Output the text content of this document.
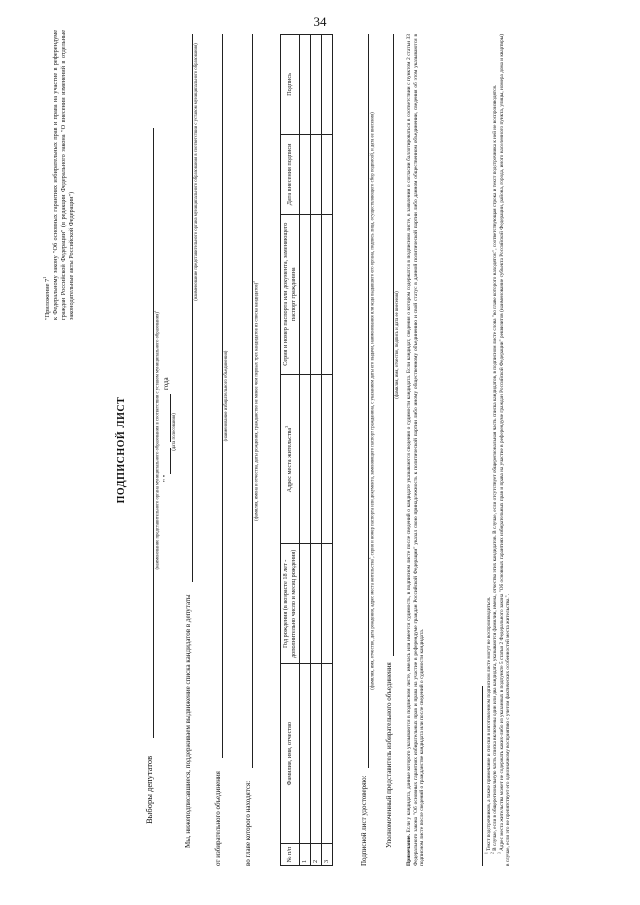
34
"Приложение $7^1$ к Федеральному закону "Об основных гарантиях избирательных прав и права на участие в референдуме граждан Российской Федерации" (в редакции Федерального закона "О внесении изменений в отдельные законодательные акты Российской Федерации")
ПОДПИСНОЙ ЛИСТ
Выборы депутатов
(наименование представительного органа муниципального образования в соответствии с уставом муниципального образования)$^1$
" "
года
(дата голосования)
Мы, нижеподписавшиеся, поддерживаем выдвижение списка кандидатов в депутаты
(наименование представительного органа муниципального образования в соответствии с уставом муниципального образования)
от избирательного объединения
(наименование избирательного объединения)
во главе которого находятся:
(фамилия, имена и отчества, даты рождения, гражданство не менее чем первых трех кандидатов из списка кандидатов)$^2$
№ п/п	Фамилия, имя, отчество	Год рождения (в возрасте 18 лет - дополнительно число и месяц рождения)	Адрес места жительства$^3$	Серия и номер паспорта или документа, заменяющего паспорт гражданина	Дата внесения подписи	Подпись
1						
2						
3							Подписной лист удостоверяю:
(фамилия, имя, отчество, дата рождения, адрес места жительства$^3$, серия и номер паспорта или документа, заменяющего паспорт гражданина, с указанием даты его выдачи, наименования или кода выдавшего его органа, подпись лица, осуществляющего сбор подписей, и дата ее внесения)
Уполномоченный представитель избирательного объединения
(фамилия, имя, отчество, подпись и дата ее внесения)
Примечание. Если у кандидата, данные которого указываются в подписном листе, имелась или имеется судимость, в подписном листе после сведений о кандидате указываются сведения о судимости кандидата. Если кандидат, сведения о котором содержатся в подписном листе, в заявлении о согласии баллотироваться в соответствии с пунктом 2 статьи 33 Федерального закона "Об основных гарантиях избирательных прав и права на участие в референдуме граждан Российской Федерации" указал свою принадлежность к политической партии либо иному общественному объединению и свой статус в данной политической партии либо данном общественном объединении, сведения об этом указываются в подписном листе после сведений о гражданстве кандидата или после сведений о судимости кандидата.	$^1$ Текст подстрочников, а также примечание и сноски в изготовленном подписном листе могут не воспроизводиться.

$^2$ В случае, если в общерегиональную часть списка включены один или два кандидата, указываются фамилии, имена, отчества этих кандидатов. В случае, если отсутствует общерегиональная часть списка кандидатов, в подписном листе слова "во главе которого находятся:", соответствующая строка и текст подстрочника к ней не воспроизводятся.

$^3$ Адрес места жительства может не содержать каких-либо из указанных в подпункте 5 статьи 2 Федерального закона "Об основных гарантиях избирательных прав и права на участие в референдуме граждан Российской Федерации" реквизитов (наименование субъекта Российской Федерации, района, города, иного населенного пункта, улицы, номера дома и квартиры) в случае, если это не препятствует его однозначному восприятию с учетом фактических особенностей места жительства.".
